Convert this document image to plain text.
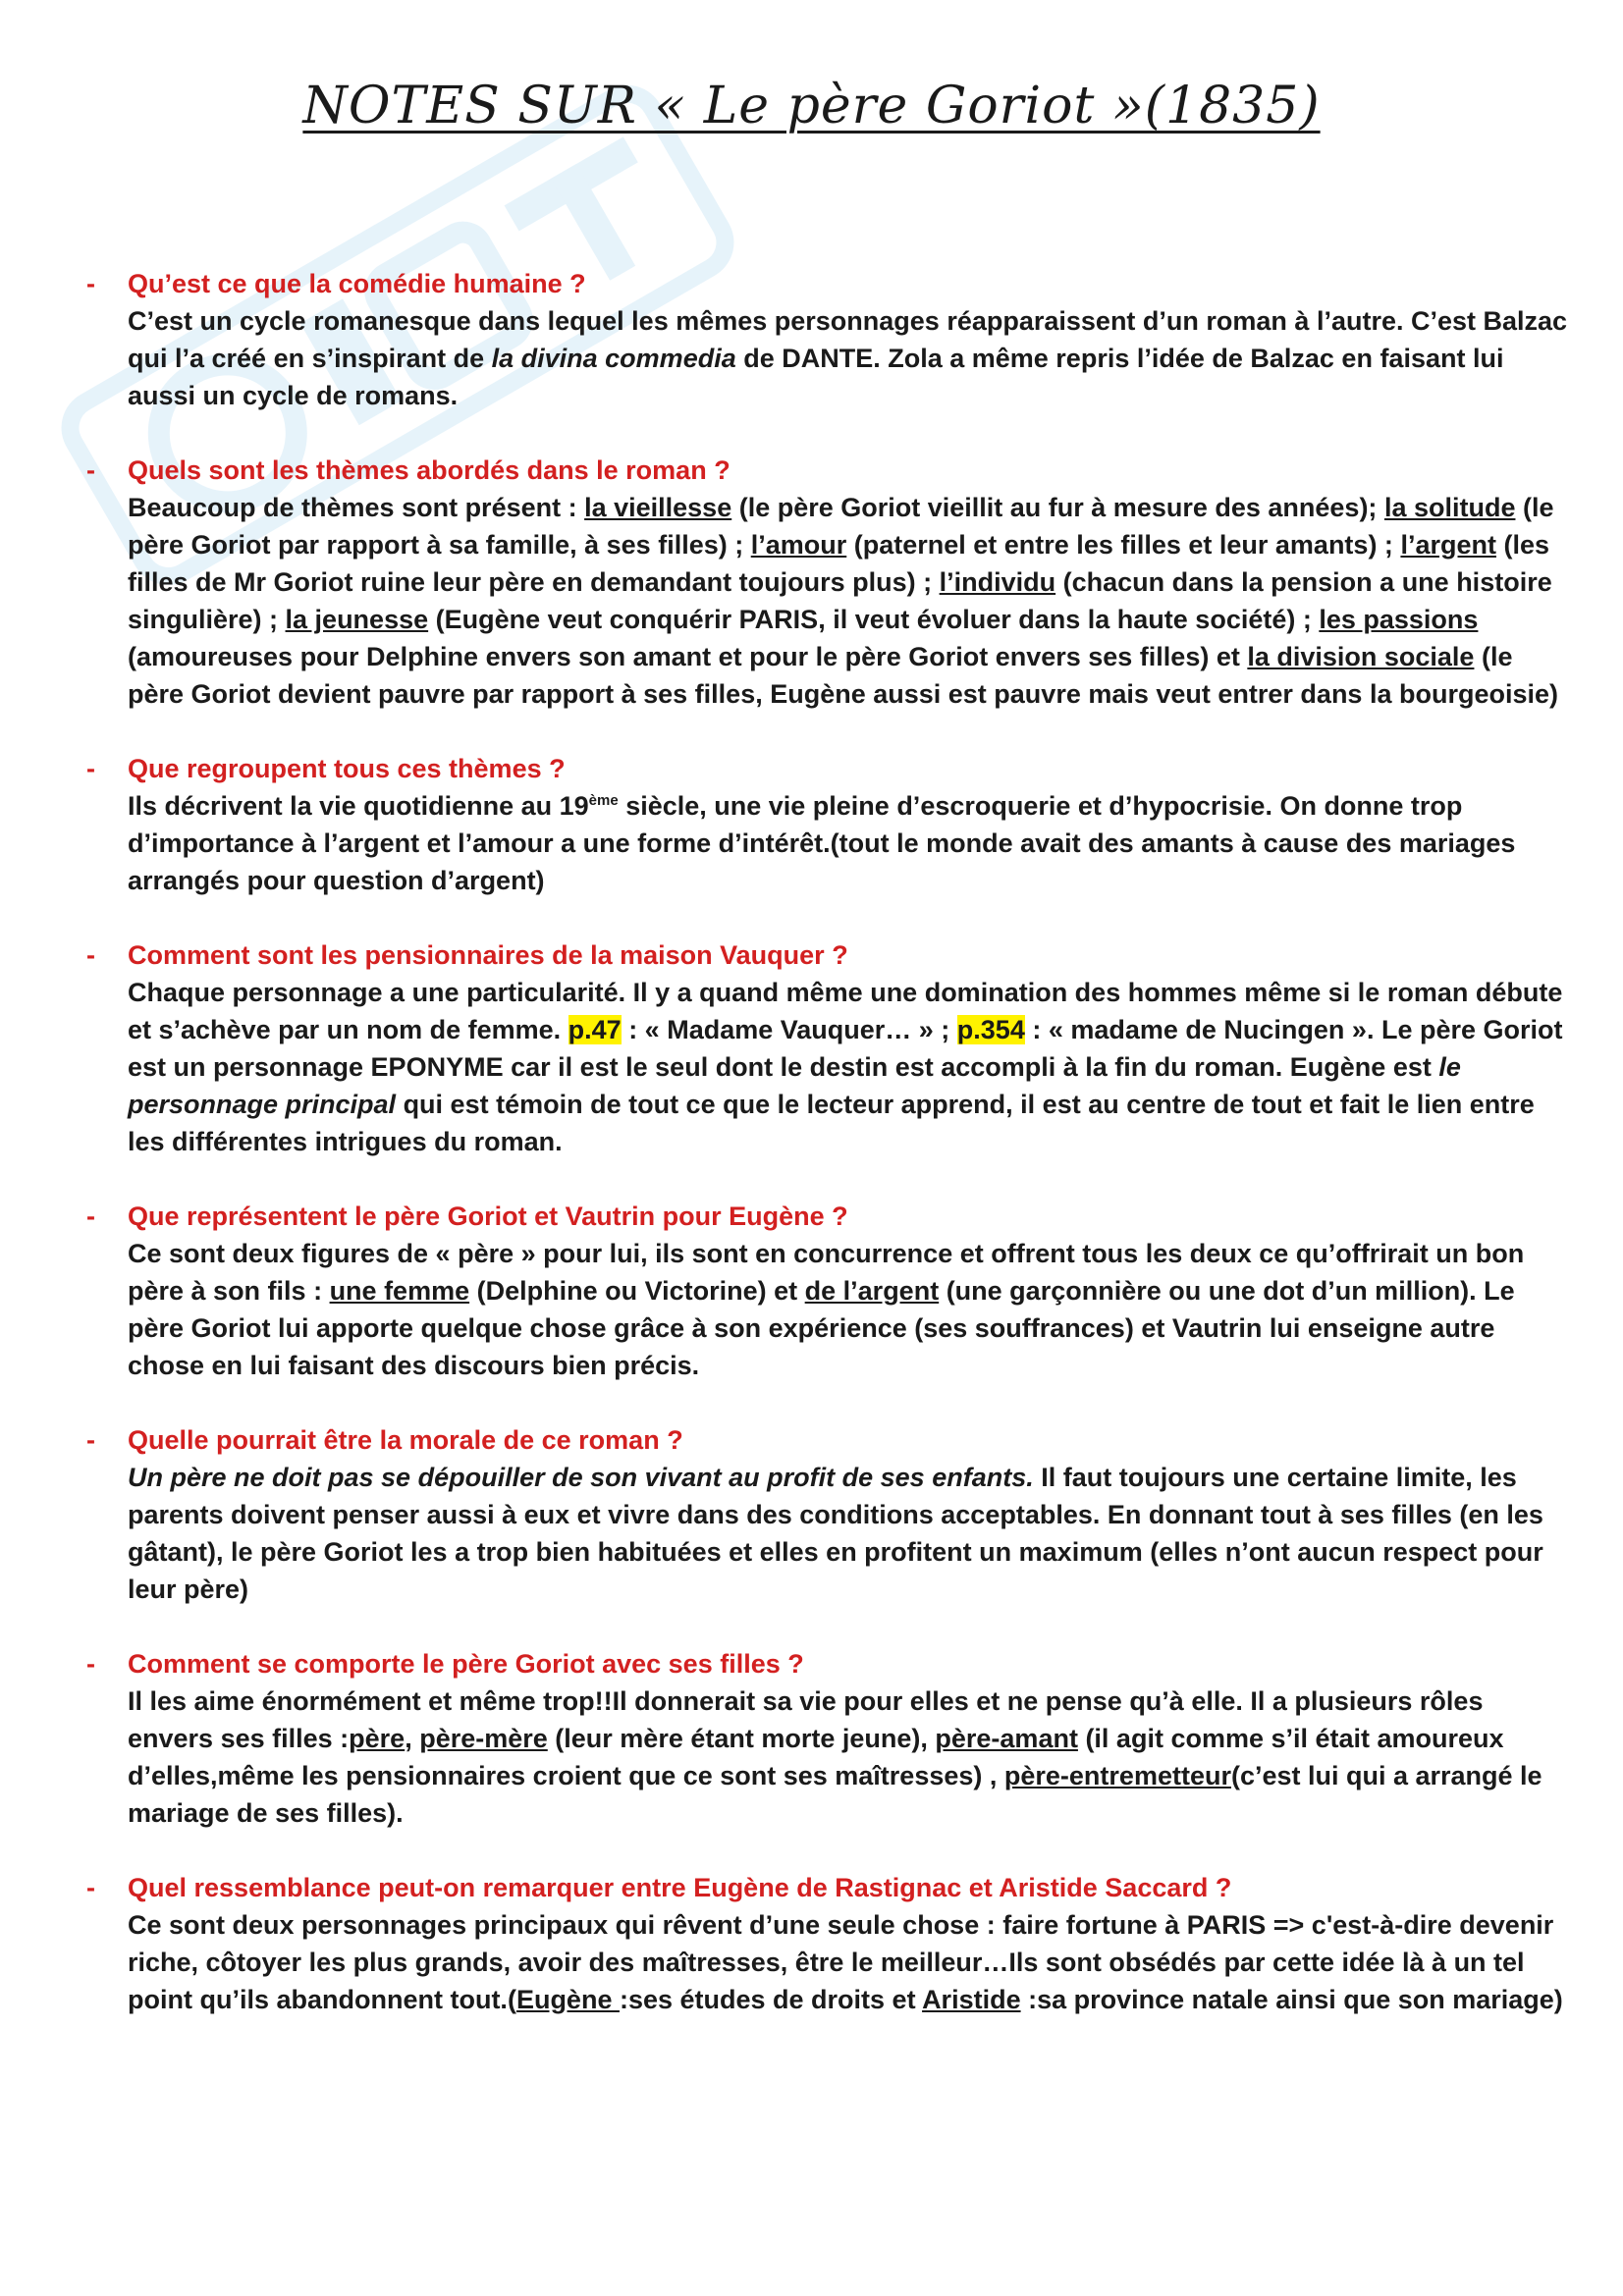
NOTES SUR « Le père Goriot »(1835)
- Qu’est ce que la comédie humaine ?
C’est un cycle romanesque dans lequel les mêmes personnages réapparaissent d’un roman à l’autre. C’est Balzac qui l’a créé en s’inspirant de la divina commedia de DANTE. Zola a même repris l’idée de Balzac en faisant lui aussi un cycle de romans.
- Quels sont les thèmes abordés dans le roman ?
Beaucoup de thèmes sont présent : la vieillesse (le père Goriot vieillit au fur à mesure des années); la solitude (le père Goriot par rapport à sa famille, à ses filles) ; l’amour (paternel et entre les filles et leur amants) ; l’argent (les filles de Mr Goriot ruine leur père en demandant toujours plus) ; l’individu (chacun dans la pension a une histoire singulière) ; la jeunesse (Eugène veut conquérir PARIS, il veut évoluer dans la haute société) ; les passions (amoureuses pour Delphine envers son amant et pour le père Goriot envers ses filles) et la division sociale (le père Goriot devient pauvre par rapport à ses filles, Eugène aussi est pauvre mais veut entrer dans la bourgeoisie)
- Que regroupent tous ces thèmes ?
Ils décrivent la vie quotidienne au 19ème siècle, une vie pleine d’escroquerie et d’hypocrisie. On donne trop d’importance à l’argent et l’amour a une forme d’intérêt.(tout le monde avait des amants à cause des mariages arrangés pour question d’argent)
- Comment sont les pensionnaires de la maison Vauquer ?
Chaque personnage a une particularité. Il y a quand même une domination des hommes même si le roman débute et s’achève par un nom de femme. p.47 : « Madame Vauquer… » ; p.354 : « madame de Nucingen ». Le père Goriot est un personnage EPONYME car il est le seul dont le destin est accompli à la fin du roman. Eugène est le personnage principal qui est témoin de tout ce que le lecteur apprend, il est au centre de tout et fait le lien entre les différentes intrigues du roman.
- Que représentent le père Goriot et Vautrin pour Eugène ?
Ce sont deux figures de « père » pour lui, ils sont en concurrence et offrent tous les deux ce qu’offrirait un bon père à son fils : une femme (Delphine ou Victorine) et de l’argent (une garçonnière ou une dot d’un million). Le père Goriot lui apporte quelque chose grâce à son expérience (ses souffrances) et Vautrin lui enseigne autre chose en lui faisant des discours bien précis.
- Quelle pourrait être la morale de ce roman ?
Un père ne doit pas se dépouiller de son vivant au profit de ses enfants. Il faut toujours une certaine limite, les parents doivent penser aussi à eux et vivre dans des conditions acceptables. En donnant tout à ses filles (en les gâtant), le père Goriot les a trop bien habituées et elles en profitent un maximum (elles n’ont aucun respect pour leur père)
- Comment se comporte le père Goriot avec ses filles ?
Il les aime énormément et même trop!!Il donnerait sa vie pour elles et ne pense qu’à elle. Il a plusieurs rôles envers ses filles :père, père-mère (leur mère étant morte jeune), père-amant (il agit comme s’il était amoureux d’elles,même les pensionnaires croient que ce sont ses maîtresses) , père-entremetteur(c’est lui qui a arrangé le mariage de ses filles).
- Quel ressemblance peut-on remarquer entre Eugène de Rastignac et Aristide Saccard ?
Ce sont deux personnages principaux qui rêvent d’une seule chose : faire fortune à PARIS => c'est-à-dire devenir riche, côtoyer les plus grands, avoir des maîtresses, être le meilleur…Ils sont obsédés par cette idée là à un tel point qu’ils abandonnent tout.(Eugène :ses études de droits et Aristide :sa province natale ainsi que son mariage)
